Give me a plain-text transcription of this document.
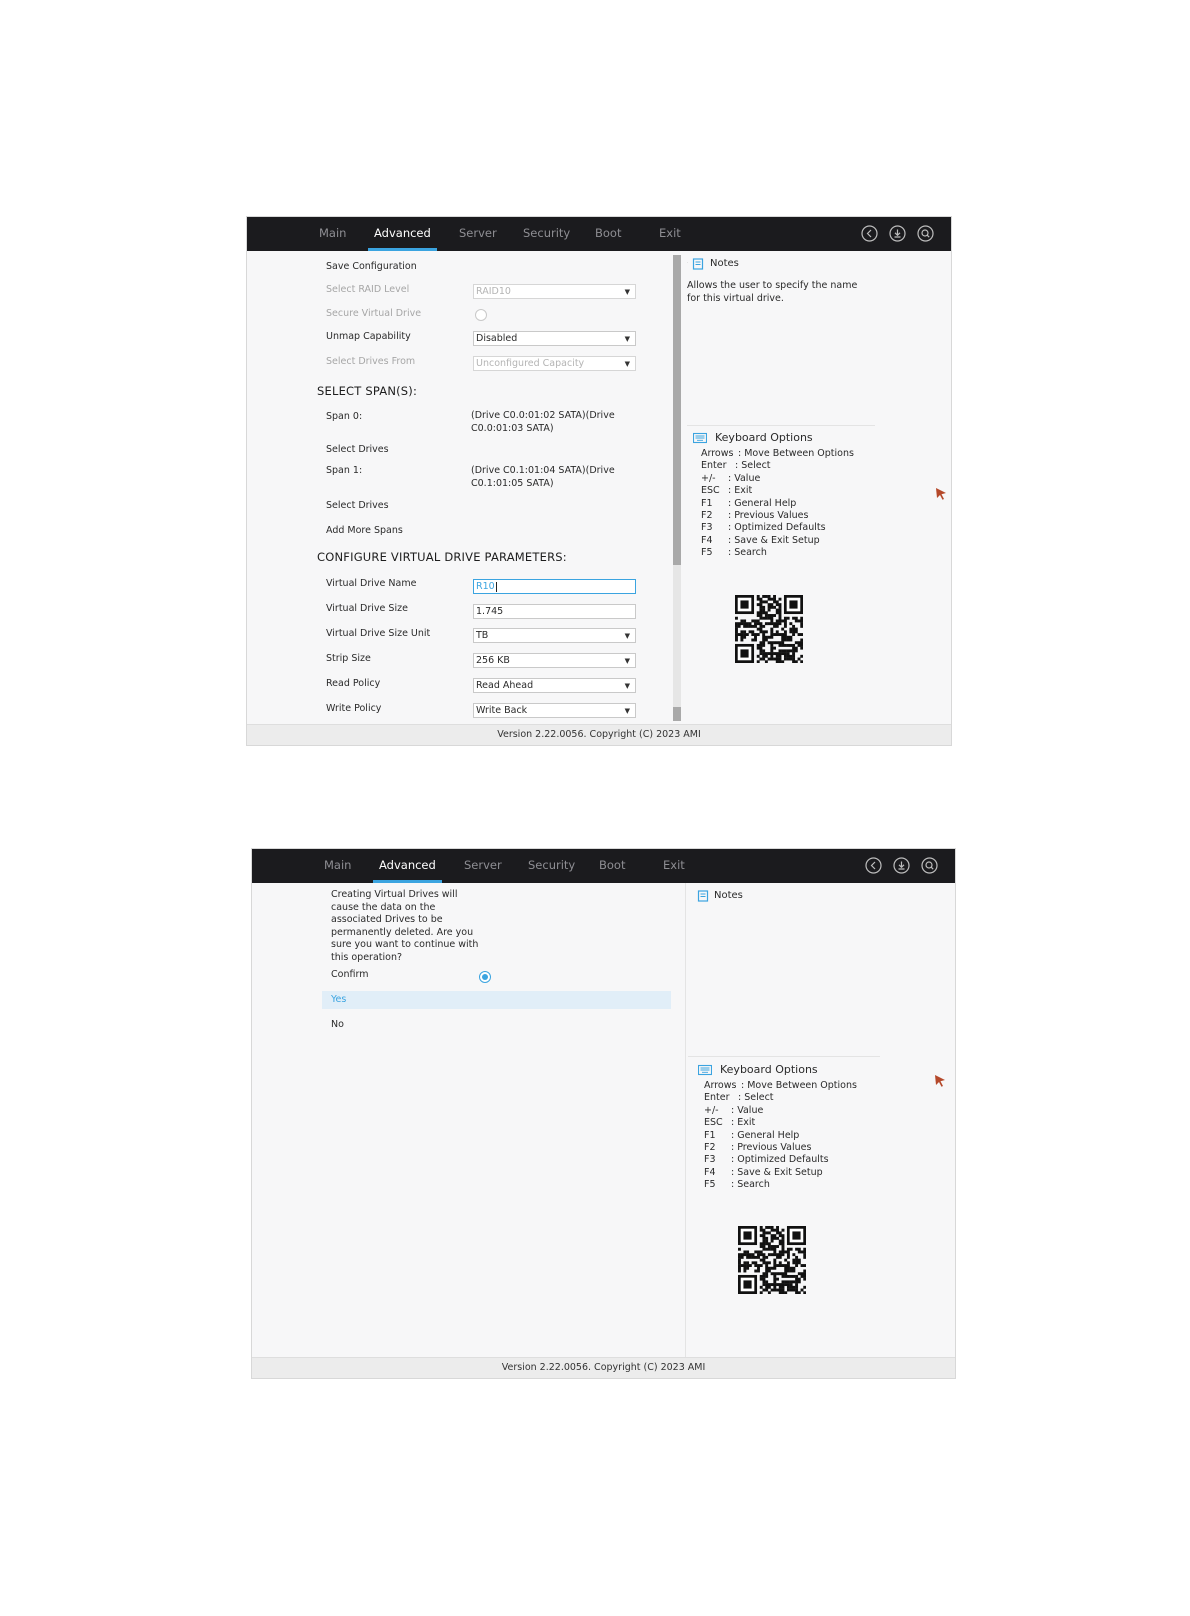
Main Advanced Server Security Boot	Exit
Save Configuration
Select RAID Level	RAID10	▼
Secure Virtual Drive
Unmap Capability	Disabled	▼
Select Drives From	Unconfigured Capacity	▼
SELECT SPAN(S):
Span 0:	(Drive C0.0:01:02 SATA)(Drive C0.0:01:03 SATA)
Select Drives
Span 1:	(Drive C0.1:01:04 SATA)(Drive C0.1:01:05 SATA)
Select Drives
Add More Spans
CONFIGURE VIRTUAL DRIVE PARAMETERS:
Virtual Drive Name	R10
Virtual Drive Size	1.745
Virtual Drive Size Unit	TB	▼
Strip Size	256 KB	▼
Read Policy	Read Ahead	▼
Write Policy	Write Back	▼
Notes
Allows the user to specify the name for this virtual drive.
Keyboard Options
Arrows : Move Between Options
Enter : Select
+/- : Value
ESC : Exit
F1 : General Help
F2 : Previous Values
F3 : Optimized Defaults
F4 : Save & Exit Setup
F5 : Search
Version 2.22.0056. Copyright (C) 2023 AMI
Main Advanced Server Security Boot	Exit
Creating Virtual Drives will cause the data on the associated Drives to be permanently deleted. Are you sure you want to continue with this operation?
Confirm
Yes
No
Notes
Keyboard Options
Arrows : Move Between Options
Enter : Select
+/- : Value
ESC : Exit
F1 : General Help
F2 : Previous Values
F3 : Optimized Defaults
F4 : Save & Exit Setup
F5 : Search
Version 2.22.0056. Copyright (C) 2023 AMI
